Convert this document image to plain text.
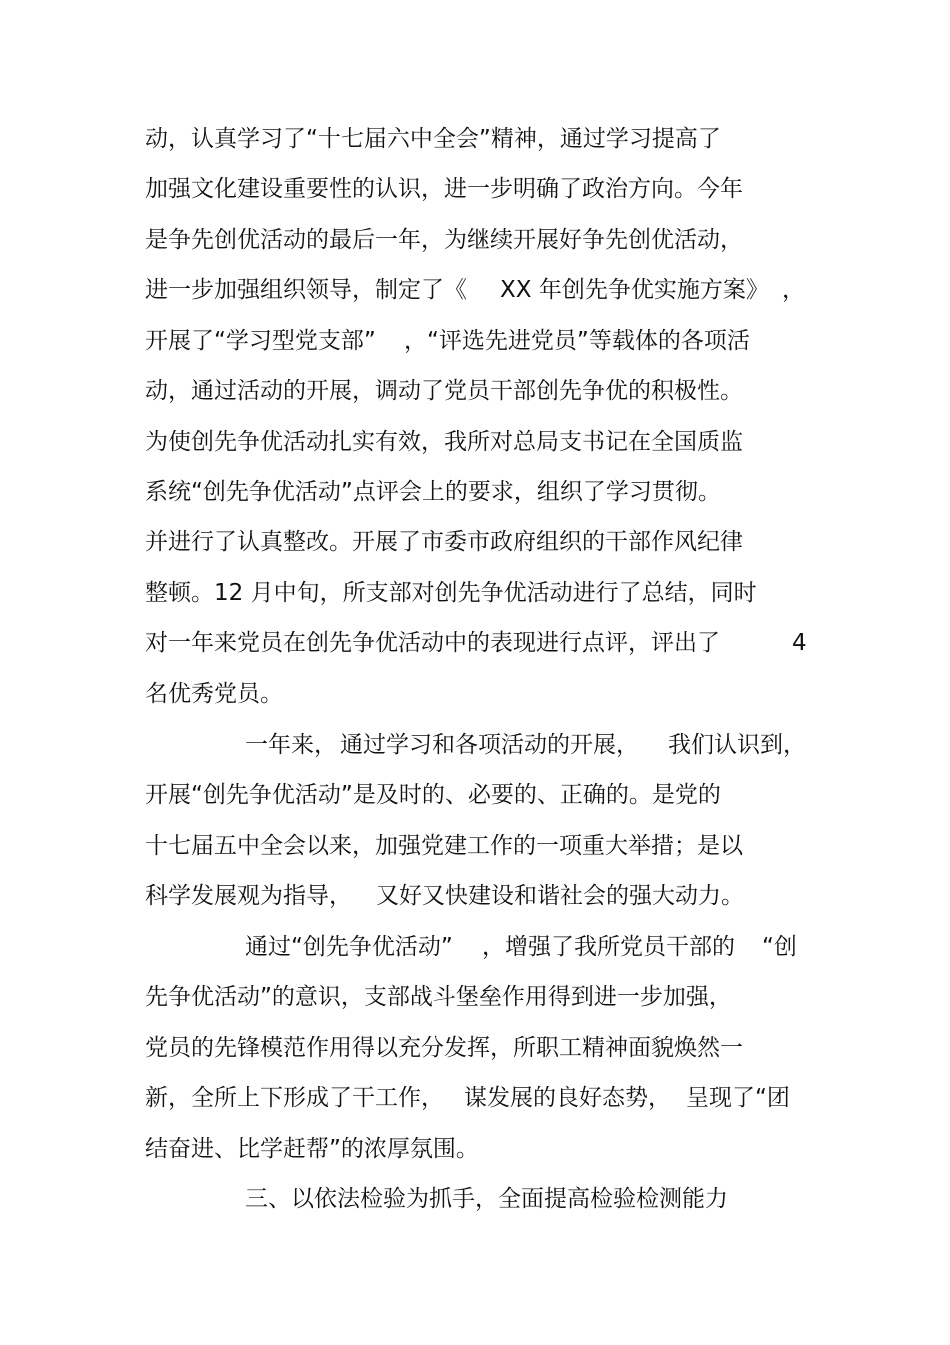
动，认真学习了“十七届六中全会”精神，通过学习提高了

加强文化建设重要性的认识，进一步明确了政治方向。今年

是争先创优活动的最后一年，为继续开展好争先创优活动，

进一步加强组织领导，制定了《

XX 年创先争优实施方案》

，

开展了“学习型党支部”

，“评选先进党员”等载体的各项活

动，通过活动的开展，调动了党员干部创先争优的积极性。

为使创先争优活动扎实有效，我所对总局支书记在全国质监

系统“创先争优活动”点评会上的要求，组织了学习贯彻。

并进行了认真整改。开展了市委市政府组织的干部作风纪律

整顿。12 月中旬，所支部对创先争优活动进行了总结，同时

对一年来党员在创先争优活动中的表现进行点评，评出了

	4

名优秀党员。

一年来，

通过学习和各项活动的开展，

我们认识到，

开展“创先争优活动”是及时的、必要的、正确的。是党的

十七届五中全会以来，加强党建工作的一项重大举措；是以

科学发展观为指导，

又好又快建设和谐社会的强大动力。

通过“创先争优活动”

，增强了我所党员干部的

“创

先争优活动”的意识，支部战斗堡垒作用得到进一步加强，

党员的先锋模范作用得以充分发挥，所职工精神面貌焕然一

新，全所上下形成了干工作，

谋发展的良好态势，

呈现了“团

结奋进、比学赶帮”的浓厚氛围。

三、以依法检验为抓手，全面提高检验检测能力
